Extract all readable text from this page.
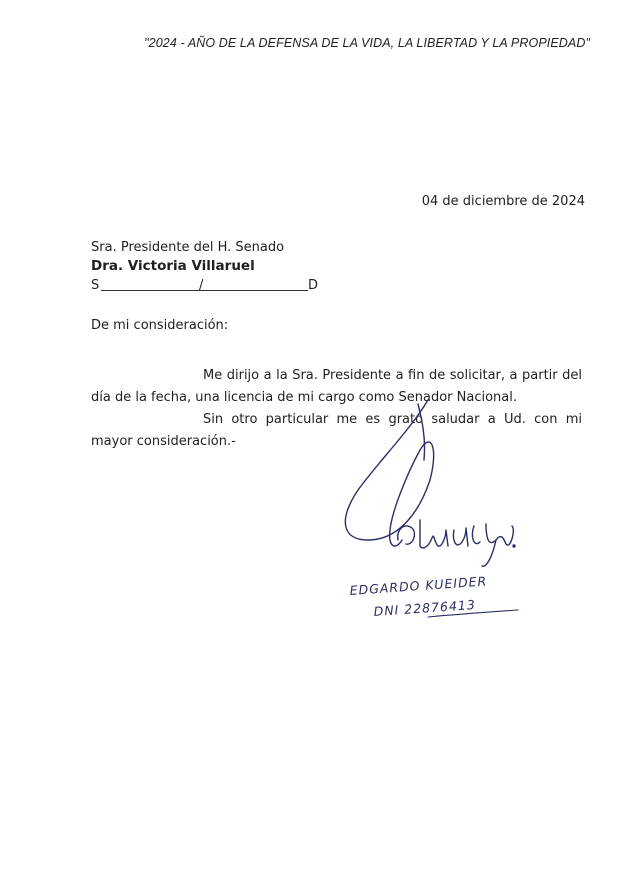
"2024 - AÑO DE LA DEFENSA DE LA VIDA, LA LIBERTAD Y LA PROPIEDAD"
04 de diciembre de 2024
Sra. Presidente del H. Senado
Dra. Victoria Villaruel
S	/	D
De mi consideración:

Me dirijo a la Sra. Presidente a fin de solicitar, a partir del día de la fecha, una licencia de mi cargo como Senador Nacional.

Sin otro particular me es grato saludar a Ud. con mi mayor consideración.-

EDGARDO KUEIDER
DNI 22876413
